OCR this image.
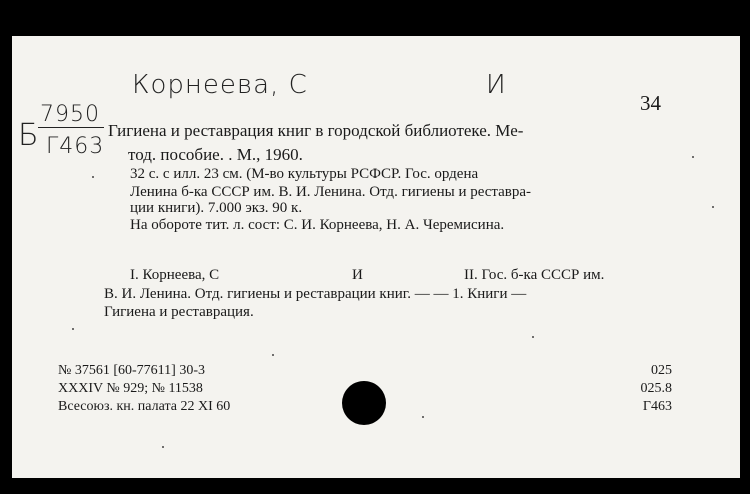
Корнеева, С	И
Б
7950
Г463
34
Гигиена и реставрация книг в городской библиотеке. Ме-
тод. пособие. . М., 1960.
32 с. с илл. 23 см. (М-во культуры РСФСР. Гос. ордена
Ленина б-ка СССР им. В. И. Ленина. Отд. гигиены и реставра-
ции книги). 7.000 экз. 90 к.
На обороте тит. л. сост: С. И. Корнеева, Н. А. Черемисина.
I. Корнеева, С	И	II. Гос. б-ка СССР им.
В. И. Ленина. Отд. гигиены и реставрации книг. — — 1. Книги —
Гигиена и реставрация.
№ 37561 [60-77611] 30-3
XXXIV № 929; № 11538
Всесоюз. кн. палата 22 XI 60
025
025.8
Г463
